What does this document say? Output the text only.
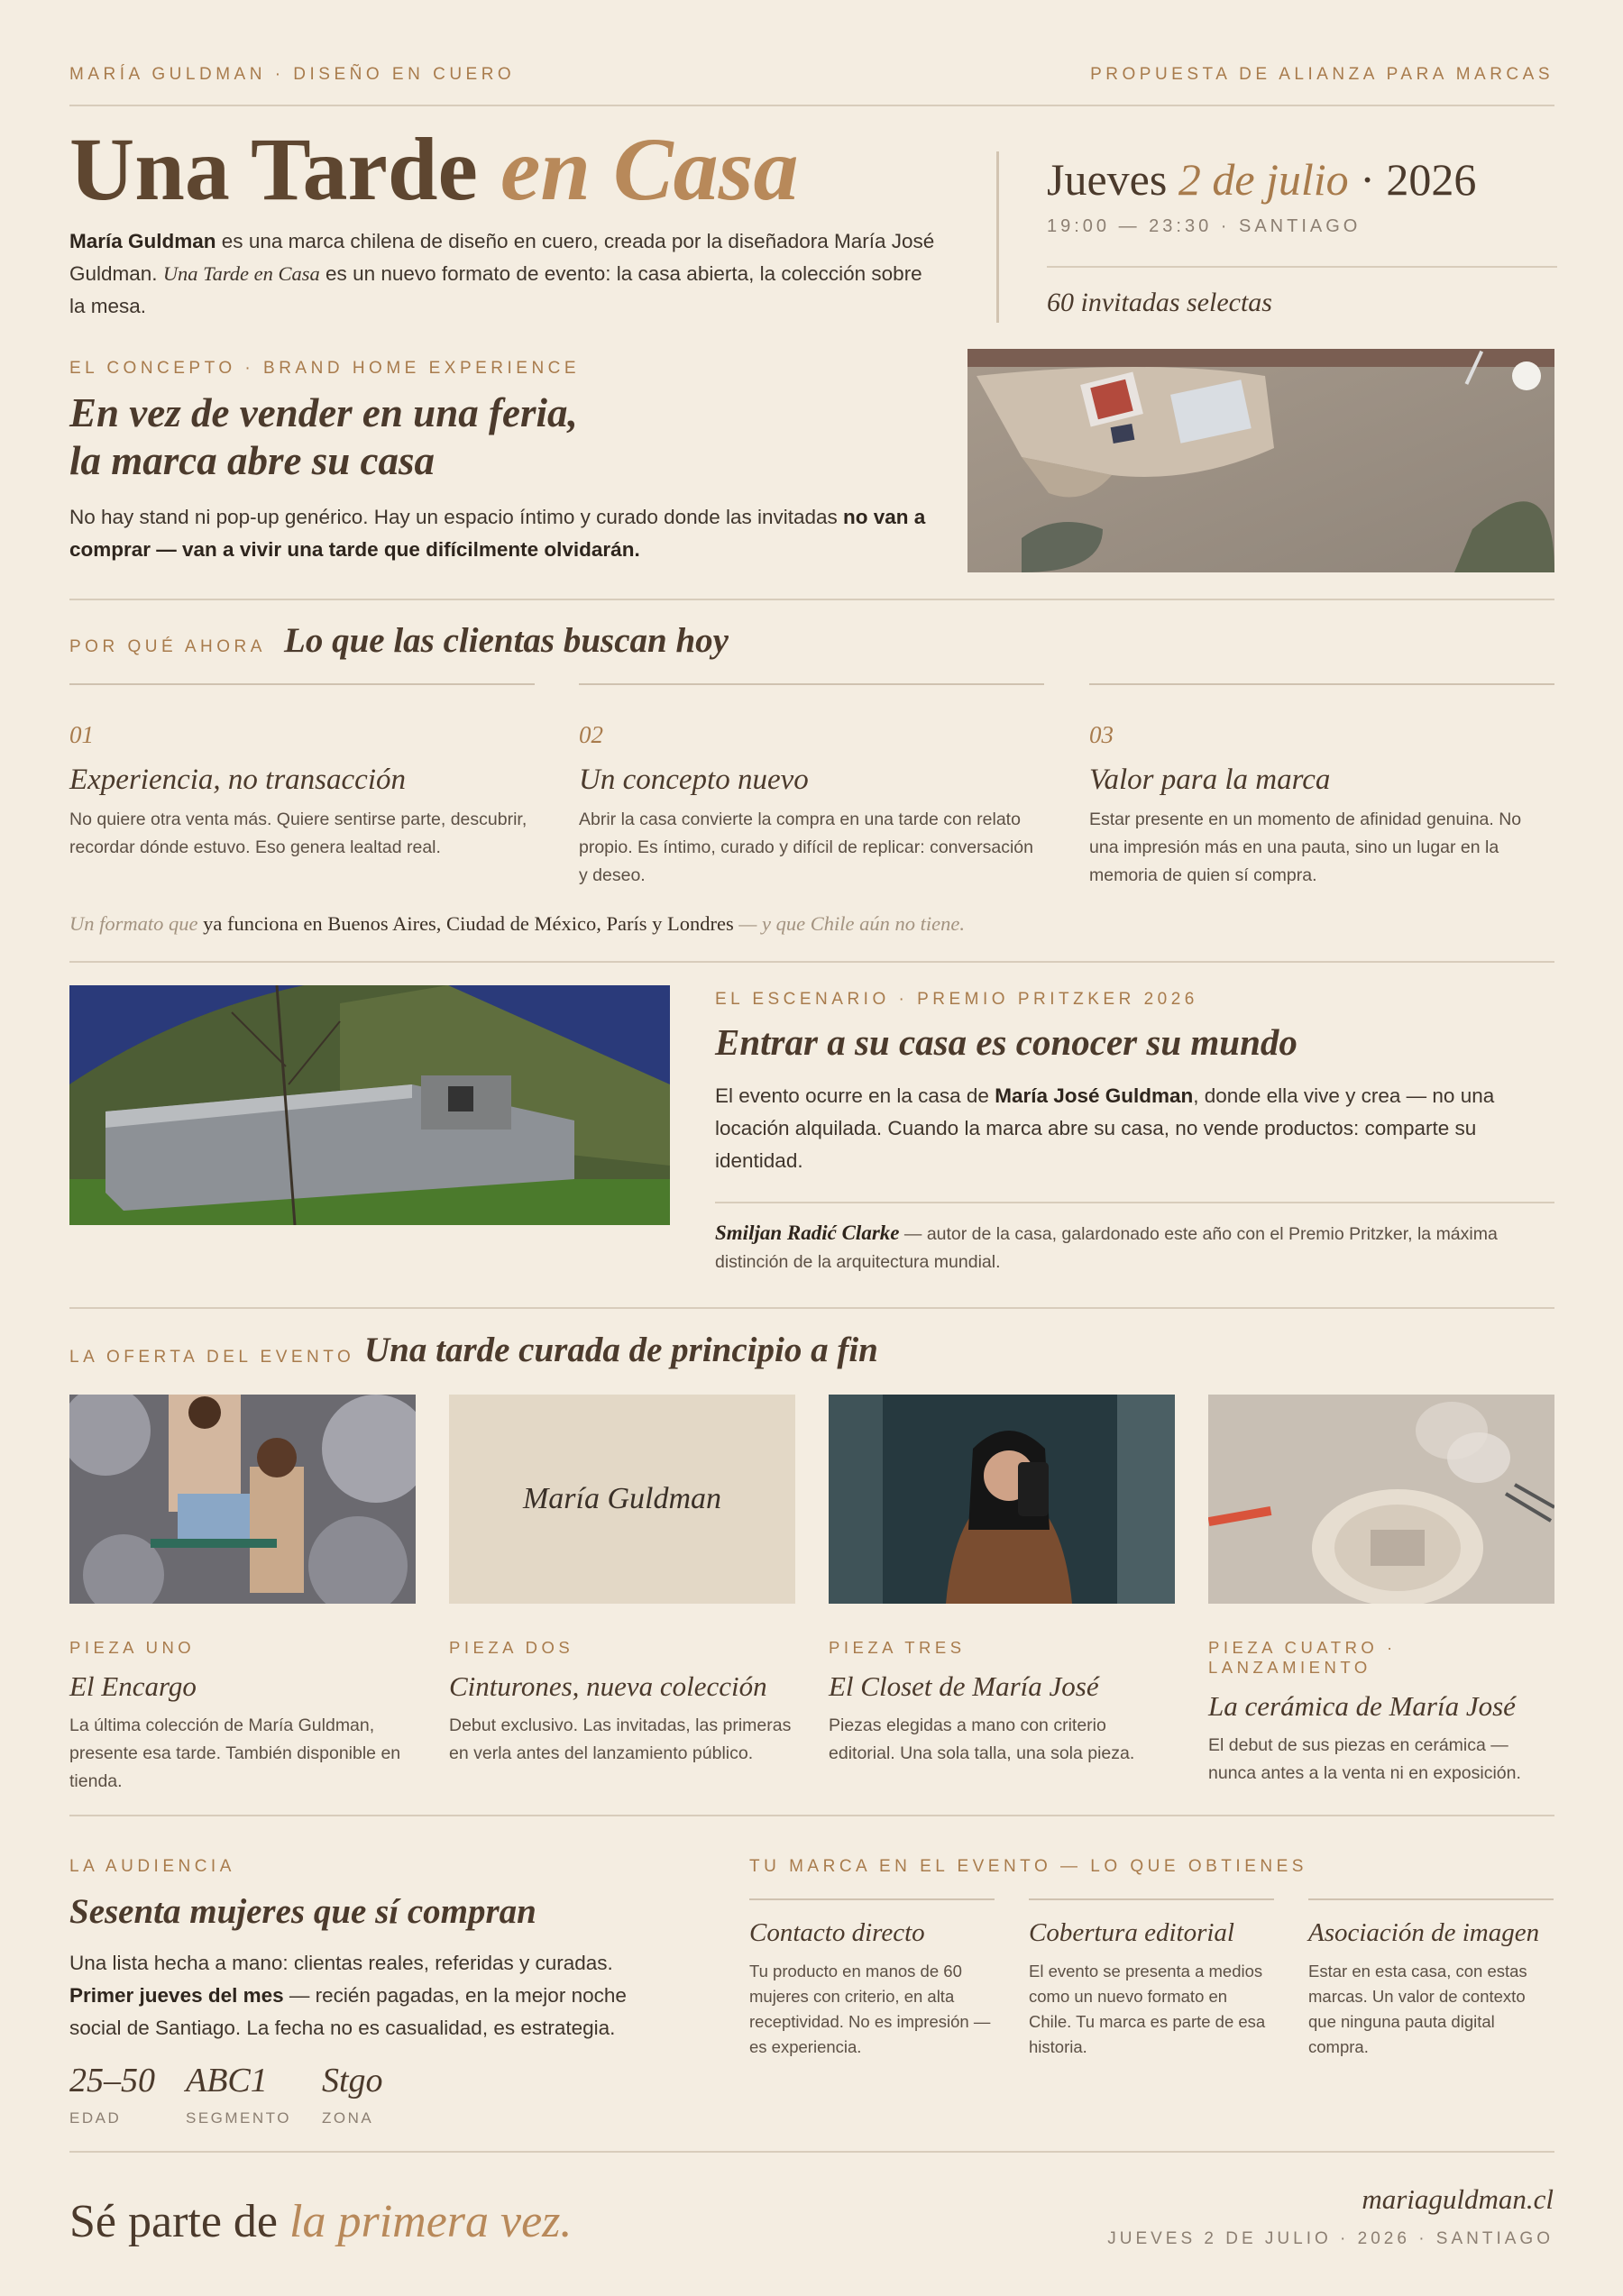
MARÍA GULDMAN · DISEÑO EN CUERO	PROPUESTA DE ALIANZA PARA MARCAS
Una Tarde en Casa

María Guldman es una marca chilena de diseño en cuero, creada por la diseñadora María José Guldman. Una Tarde en Casa es un nuevo formato de evento: la casa abierta, la colección sobre la mesa.

Jueves 2 de julio · 2026
19:00 — 23:30 · SANTIAGO
60 invitadas selectas
EL CONCEPTO · BRAND HOME EXPERIENCE
En vez de vender en una feria,
la marca abre su casa

No hay stand ni pop-up genérico. Hay un espacio íntimo y curado donde las invitadas no van a comprar — van a vivir una tarde que difícilmente olvidarán.

POR QUÉ AHORA Lo que las clientas buscan hoy
01
Experiencia, no transacción

No quiere otra venta más. Quiere sentirse parte, descubrir, recordar dónde estuvo. Eso genera lealtad real.

02
Un concepto nuevo

Abrir la casa convierte la compra en una tarde con relato propio. Es íntimo, curado y difícil de replicar: conversación y deseo.

03
Valor para la marca

Estar presente en un momento de afinidad genuina. No una impresión más en una pauta, sino un lugar en la memoria de quien sí compra.

Un formato que ya funciona en Buenos Aires, Ciudad de México, París y Londres — y que Chile aún no tiene.
EL ESCENARIO · PREMIO PRITZKER 2026
Entrar a su casa es conocer su mundo

El evento ocurre en la casa de María José Guldman, donde ella vive y crea — no una locación alquilada. Cuando la marca abre su casa, no vende productos: comparte su identidad.

Smiljan Radić Clarke — autor de la casa, galardonado este año con el Premio Pritzker, la máxima distinción de la arquitectura mundial.

LA OFERTA DEL EVENTO Una tarde curada de principio a fin
PIEZA UNO
El Encargo

La última colección de María Guldman, presente esa tarde. También disponible en tienda.

María Guldman
PIEZA DOS
Cinturones, nueva colección

Debut exclusivo. Las invitadas, las primeras en verla antes del lanzamiento público.

PIEZA TRES
El Closet de María José

Piezas elegidas a mano con criterio editorial. Una sola talla, una sola pieza.

PIEZA CUATRO · LANZAMIENTO
La cerámica de María José

El debut de sus piezas en cerámica — nunca antes a la venta ni en exposición.

LA AUDIENCIA
Sesenta mujeres que sí compran

Una lista hecha a mano: clientas reales, referidas y curadas. Primer jueves del mes — recién pagadas, en la mejor noche social de Santiago. La fecha no es casualidad, es estrategia.

25–50
EDAD
ABC1
SEGMENTO
Stgo
ZONA
TU MARCA EN EL EVENTO — LO QUE OBTIENES
Contacto directo

Tu producto en manos de 60 mujeres con criterio, en alta receptividad. No es impresión — es experiencia.

Cobertura editorial

El evento se presenta a medios como un nuevo formato en Chile. Tu marca es parte de esa historia.

Asociación de imagen

Estar en esta casa, con estas marcas. Un valor de contexto que ninguna pauta digital compra.

Sé parte de la primera vez.	mariaguldman.cl
JUEVES 2 DE JULIO · 2026 · SANTIAGO
